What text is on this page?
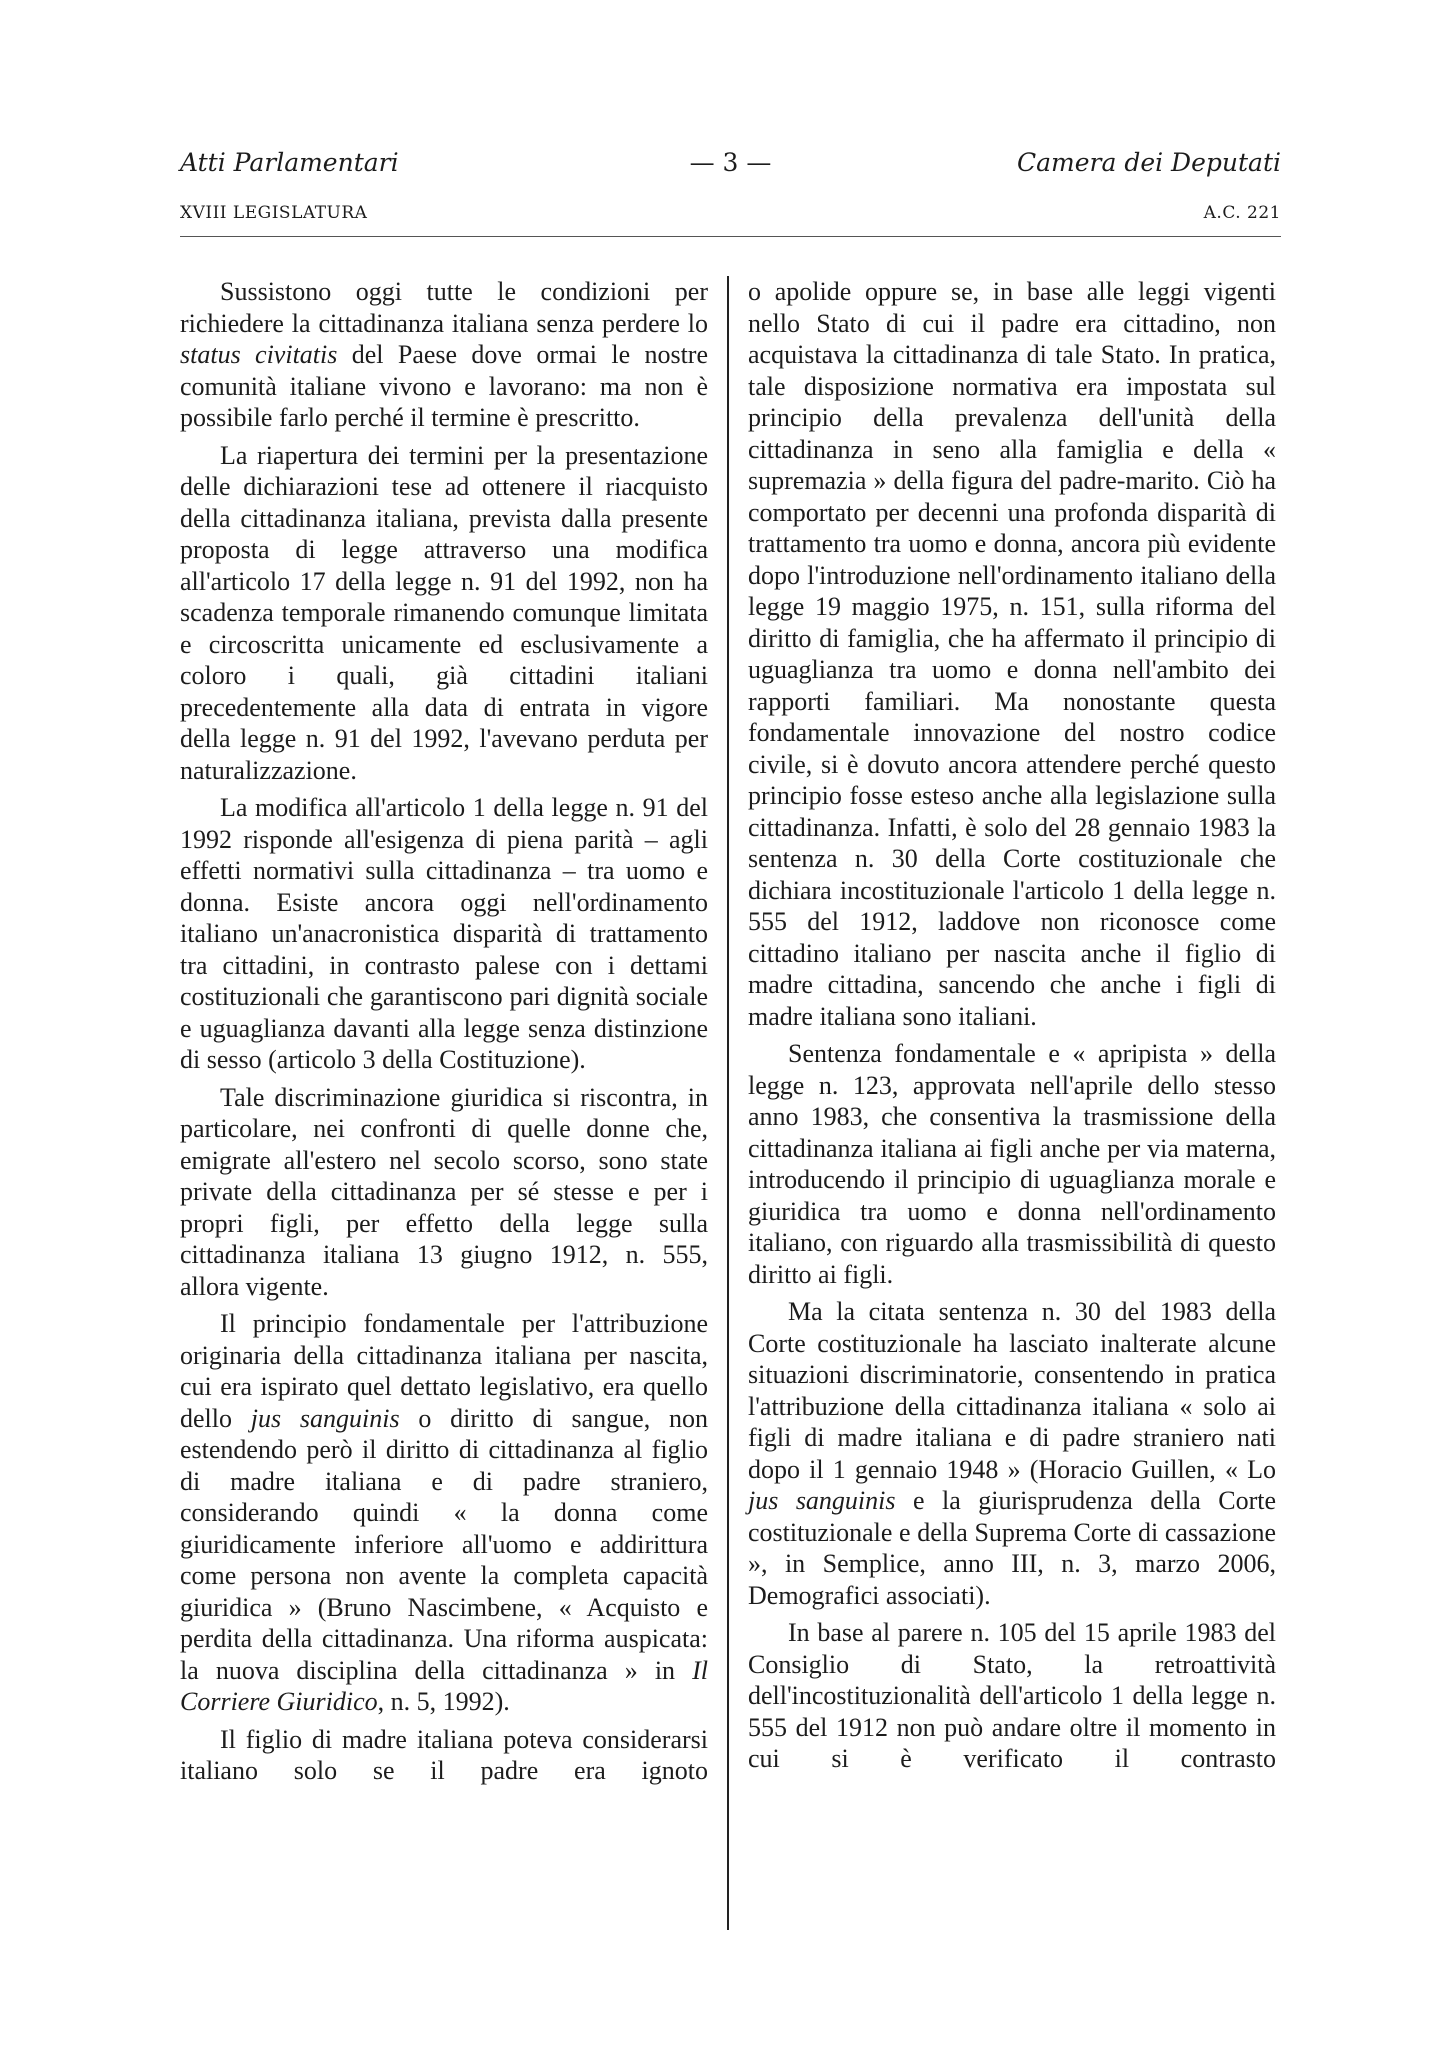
Atti Parlamentari	— 3 —	Camera dei Deputati
XVIII LEGISLATURA	A.C. 221

Sussistono oggi tutte le condizioni per richiedere la cittadinanza italiana senza perdere lo status civitatis del Paese dove ormai le nostre comunità italiane vivono e lavorano: ma non è possibile farlo perché il termine è prescritto.

La riapertura dei termini per la presentazione delle dichiarazioni tese ad ottenere il riacquisto della cittadinanza italiana, prevista dalla presente proposta di legge attraverso una modifica all'articolo 17 della legge n. 91 del 1992, non ha scadenza temporale rimanendo comunque limitata e circoscritta unicamente ed esclusivamente a coloro i quali, già cittadini italiani precedentemente alla data di entrata in vigore della legge n. 91 del 1992, l'avevano perduta per naturalizzazione.

La modifica all'articolo 1 della legge n. 91 del 1992 risponde all'esigenza di piena parità – agli effetti normativi sulla cittadinanza – tra uomo e donna. Esiste ancora oggi nell'ordinamento italiano un'anacronistica disparità di trattamento tra cittadini, in contrasto palese con i dettami costituzionali che garantiscono pari dignità sociale e uguaglianza davanti alla legge senza distinzione di sesso (articolo 3 della Costituzione).

Tale discriminazione giuridica si riscontra, in particolare, nei confronti di quelle donne che, emigrate all'estero nel secolo scorso, sono state private della cittadinanza per sé stesse e per i propri figli, per effetto della legge sulla cittadinanza italiana 13 giugno 1912, n. 555, allora vigente.

Il principio fondamentale per l'attribuzione originaria della cittadinanza italiana per nascita, cui era ispirato quel dettato legislativo, era quello dello jus sanguinis o diritto di sangue, non estendendo però il diritto di cittadinanza al figlio di madre italiana e di padre straniero, considerando quindi « la donna come giuridicamente inferiore all'uomo e addirittura come persona non avente la completa capacità giuridica » (Bruno Nascimbene, « Acquisto e perdita della cittadinanza. Una riforma auspicata: la nuova disciplina della cittadinanza » in Il Corriere Giuridico, n. 5, 1992).

Il figlio di madre italiana poteva considerarsi italiano solo se il padre era ignoto

o apolide oppure se, in base alle leggi vigenti nello Stato di cui il padre era cittadino, non acquistava la cittadinanza di tale Stato. In pratica, tale disposizione normativa era impostata sul principio della prevalenza dell'unità della cittadinanza in seno alla famiglia e della « supremazia » della figura del padre-marito. Ciò ha comportato per decenni una profonda disparità di trattamento tra uomo e donna, ancora più evidente dopo l'introduzione nell'ordinamento italiano della legge 19 maggio 1975, n. 151, sulla riforma del diritto di famiglia, che ha affermato il principio di uguaglianza tra uomo e donna nell'ambito dei rapporti familiari. Ma nonostante questa fondamentale innovazione del nostro codice civile, si è dovuto ancora attendere perché questo principio fosse esteso anche alla legislazione sulla cittadinanza. Infatti, è solo del 28 gennaio 1983 la sentenza n. 30 della Corte costituzionale che dichiara incostituzionale l'articolo 1 della legge n. 555 del 1912, laddove non riconosce come cittadino italiano per nascita anche il figlio di madre cittadina, sancendo che anche i figli di madre italiana sono italiani.

Sentenza fondamentale e « apripista » della legge n. 123, approvata nell'aprile dello stesso anno 1983, che consentiva la trasmissione della cittadinanza italiana ai figli anche per via materna, introducendo il principio di uguaglianza morale e giuridica tra uomo e donna nell'ordinamento italiano, con riguardo alla trasmissibilità di questo diritto ai figli.

Ma la citata sentenza n. 30 del 1983 della Corte costituzionale ha lasciato inalterate alcune situazioni discriminatorie, consentendo in pratica l'attribuzione della cittadinanza italiana « solo ai figli di madre italiana e di padre straniero nati dopo il 1 gennaio 1948 » (Horacio Guillen, « Lo jus sanguinis e la giurisprudenza della Corte costituzionale e della Suprema Corte di cassazione », in Semplice, anno III, n. 3, marzo 2006, Demografici associati).

In base al parere n. 105 del 15 aprile 1983 del Consiglio di Stato, la retroattività dell'incostituzionalità dell'articolo 1 della legge n. 555 del 1912 non può andare oltre il momento in cui si è verificato il contrasto
